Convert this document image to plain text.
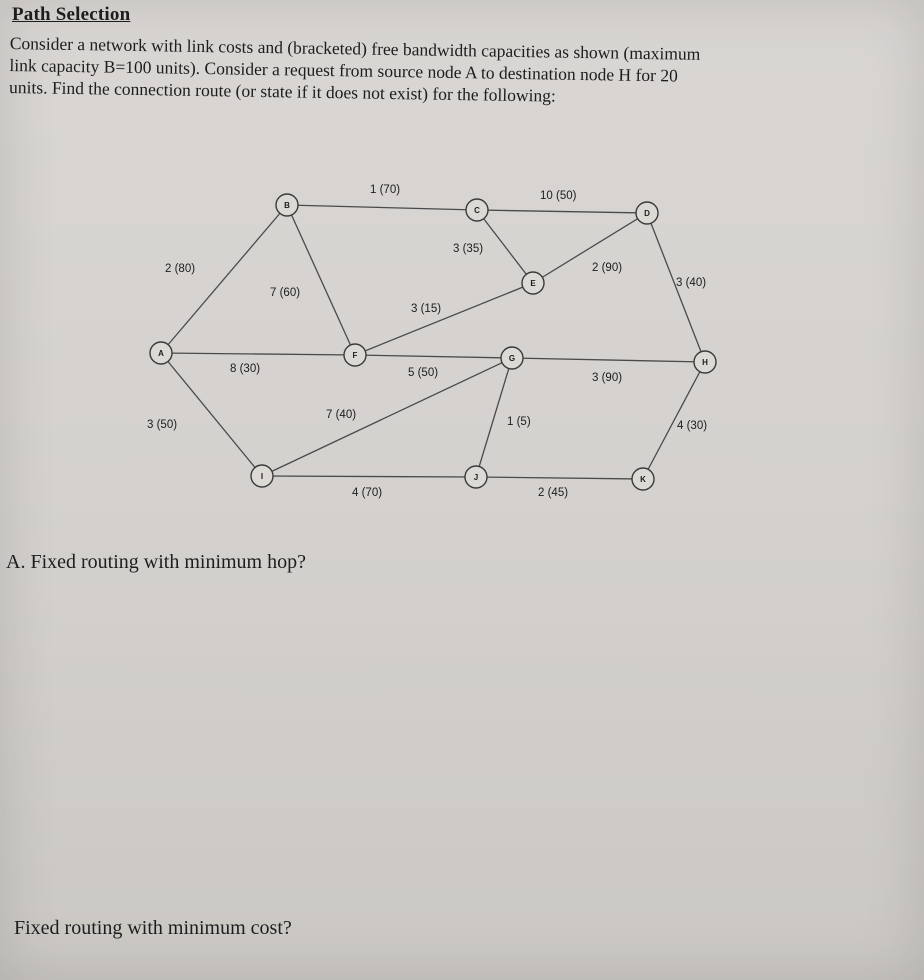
Path Selection
Consider a network with link costs and (bracketed) free bandwidth capacities as shown (maximum
link capacity B=100 units). Consider a request from source node A to destination node H for 20
units. Find the connection route (or state if it does not exist) for the following:
2 (80)
8 (30)
3 (50)
1 (70)
7 (60)
10 (50)
3 (35)
2 (90)
3 (15)
3 (40)
5 (50)	3 (90)
7 (40)
1 (5)
4 (70)	2 (45)
4 (30)
A
B
C	D
E
F	G	H
I	J	K
A. Fixed routing with minimum hop?
Fixed routing with minimum cost?
